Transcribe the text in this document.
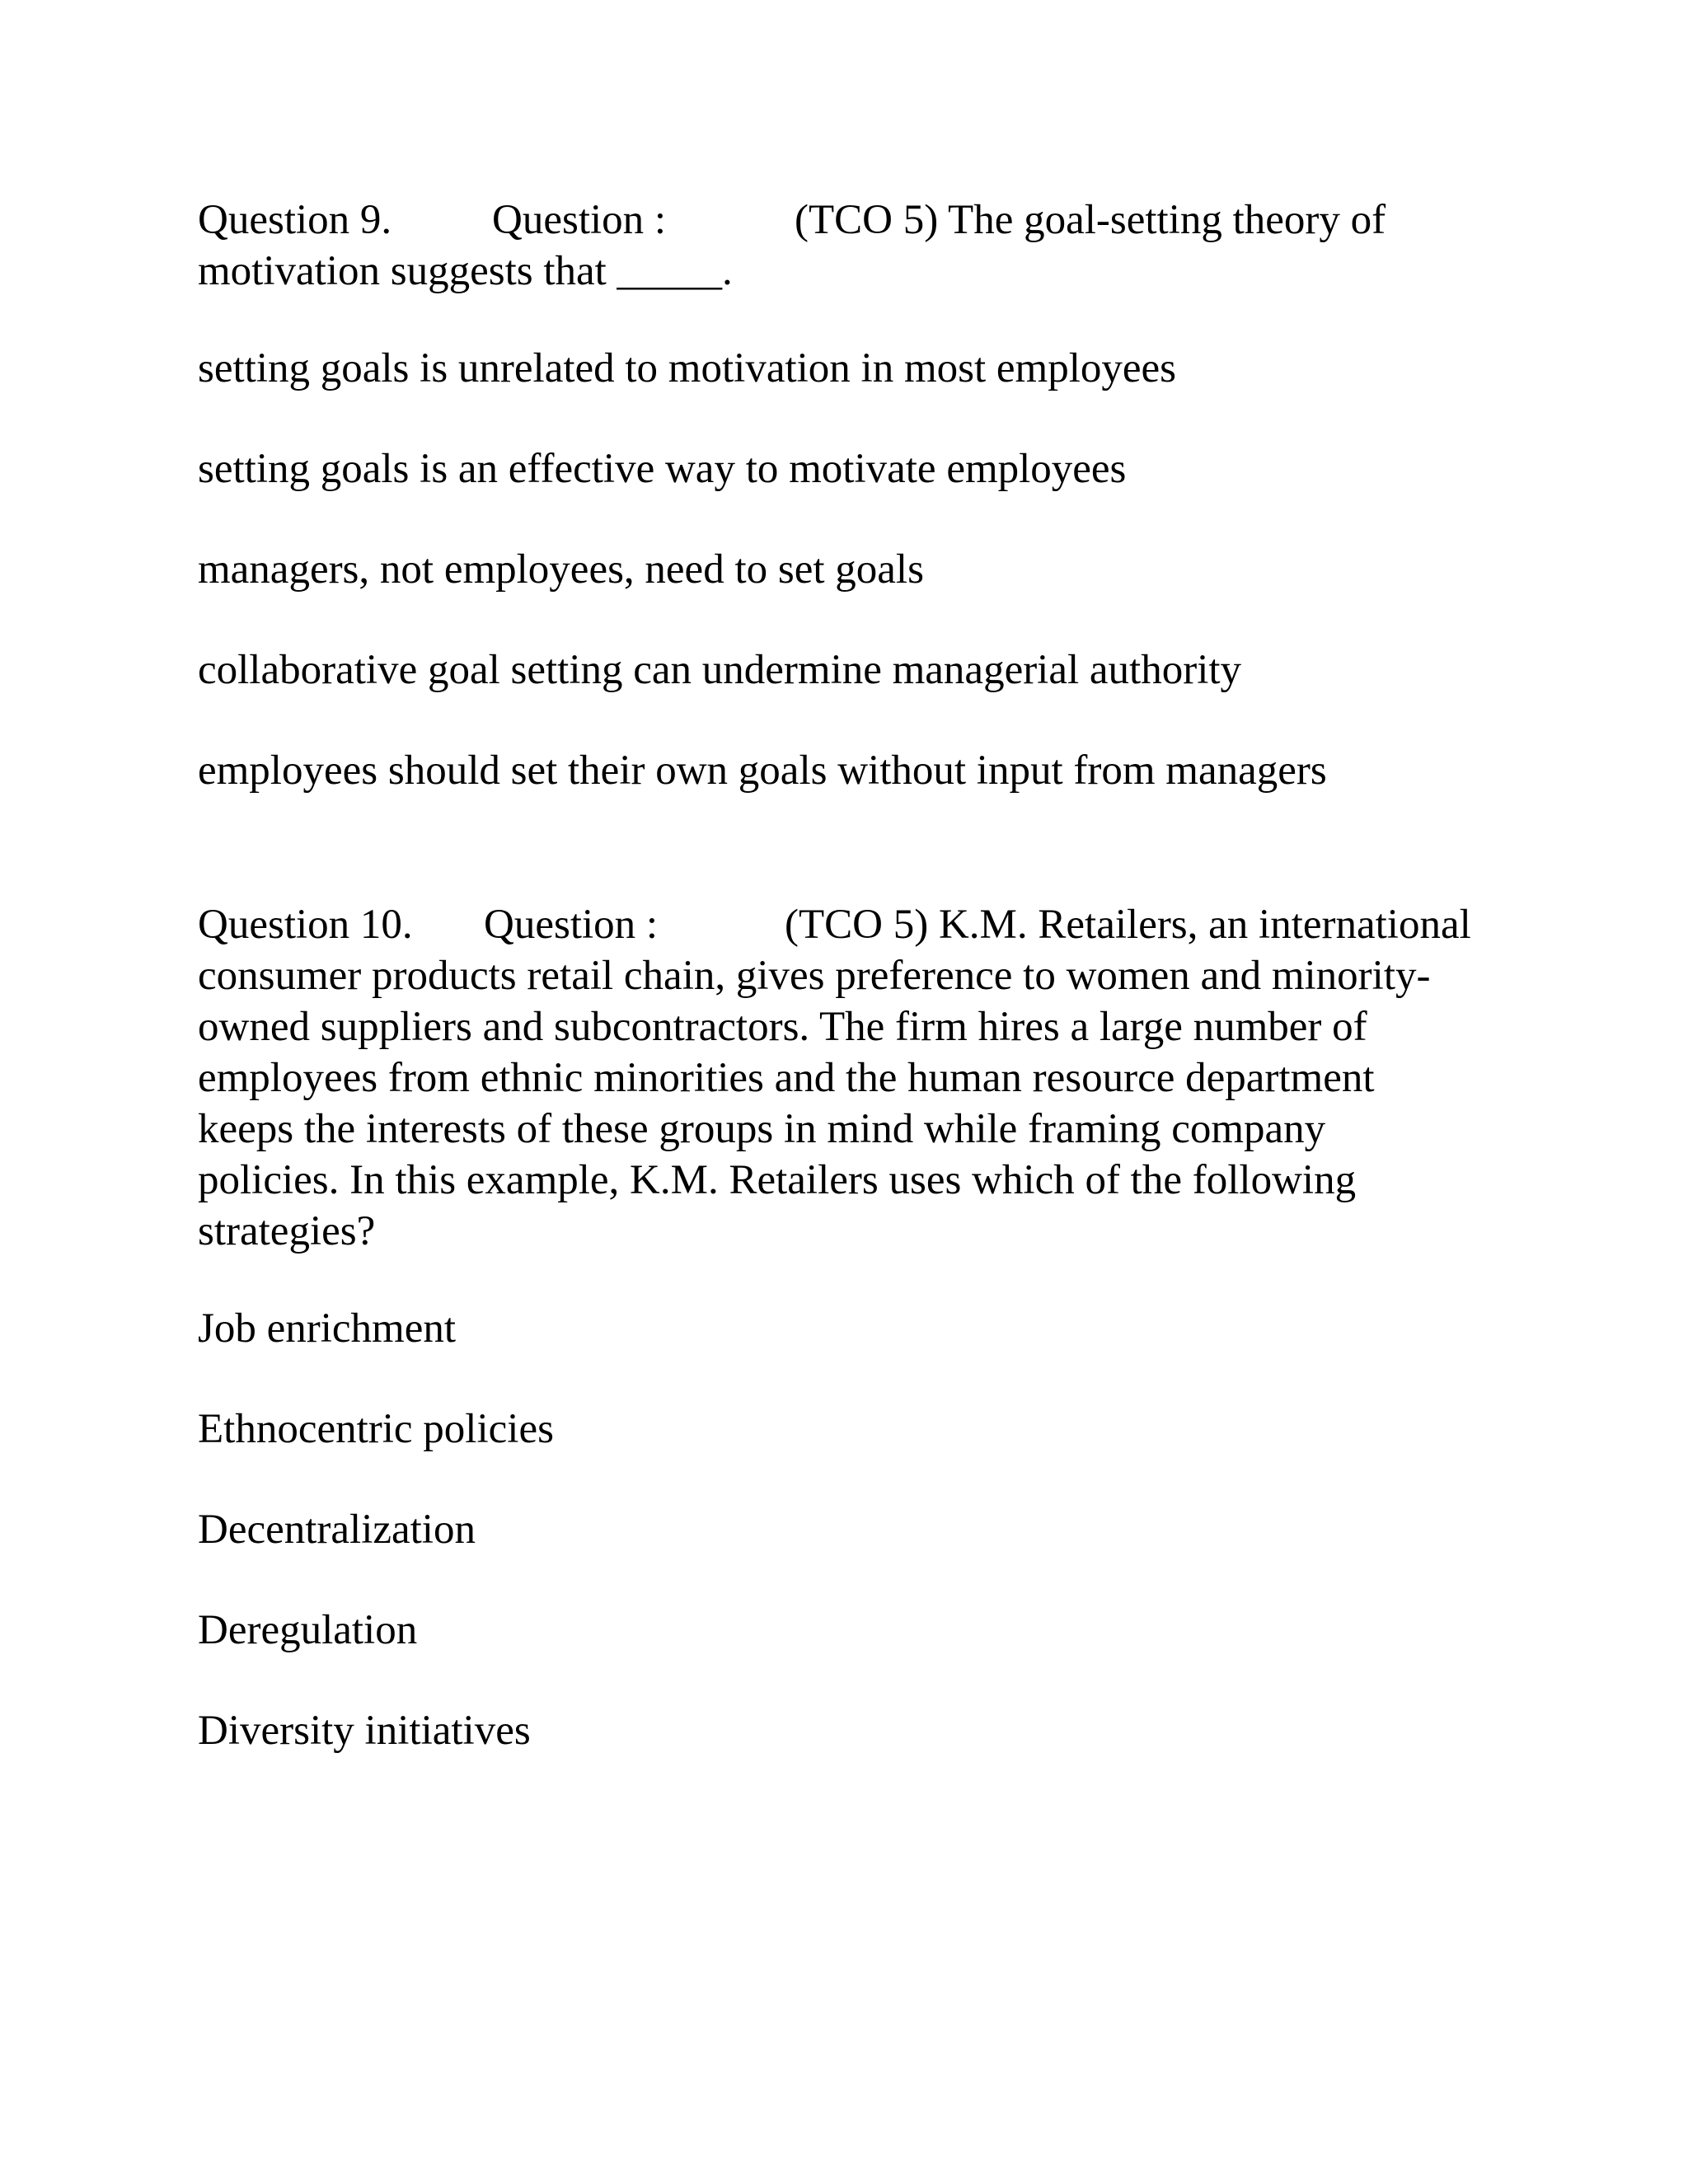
Question 9. Question :	(TCO 5) The goal-setting theory of motivation suggests that _____.

setting goals is unrelated to motivation in most employees
setting goals is an effective way to motivate employees
managers, not employees, need to set goals
collaborative goal setting can undermine managerial authority
employees should set their own goals without input from managers

Question 10. Question :	(TCO 5) K.M. Retailers, an international consumer products retail chain, gives preference to women and minority-owned suppliers and subcontractors. The firm hires a large number of employees from ethnic minorities and the human resource department keeps the interests of these groups in mind while framing company policies. In this example, K.M. Retailers uses which of the following strategies?

Job enrichment
Ethnocentric policies
Decentralization
Deregulation
Diversity initiatives
